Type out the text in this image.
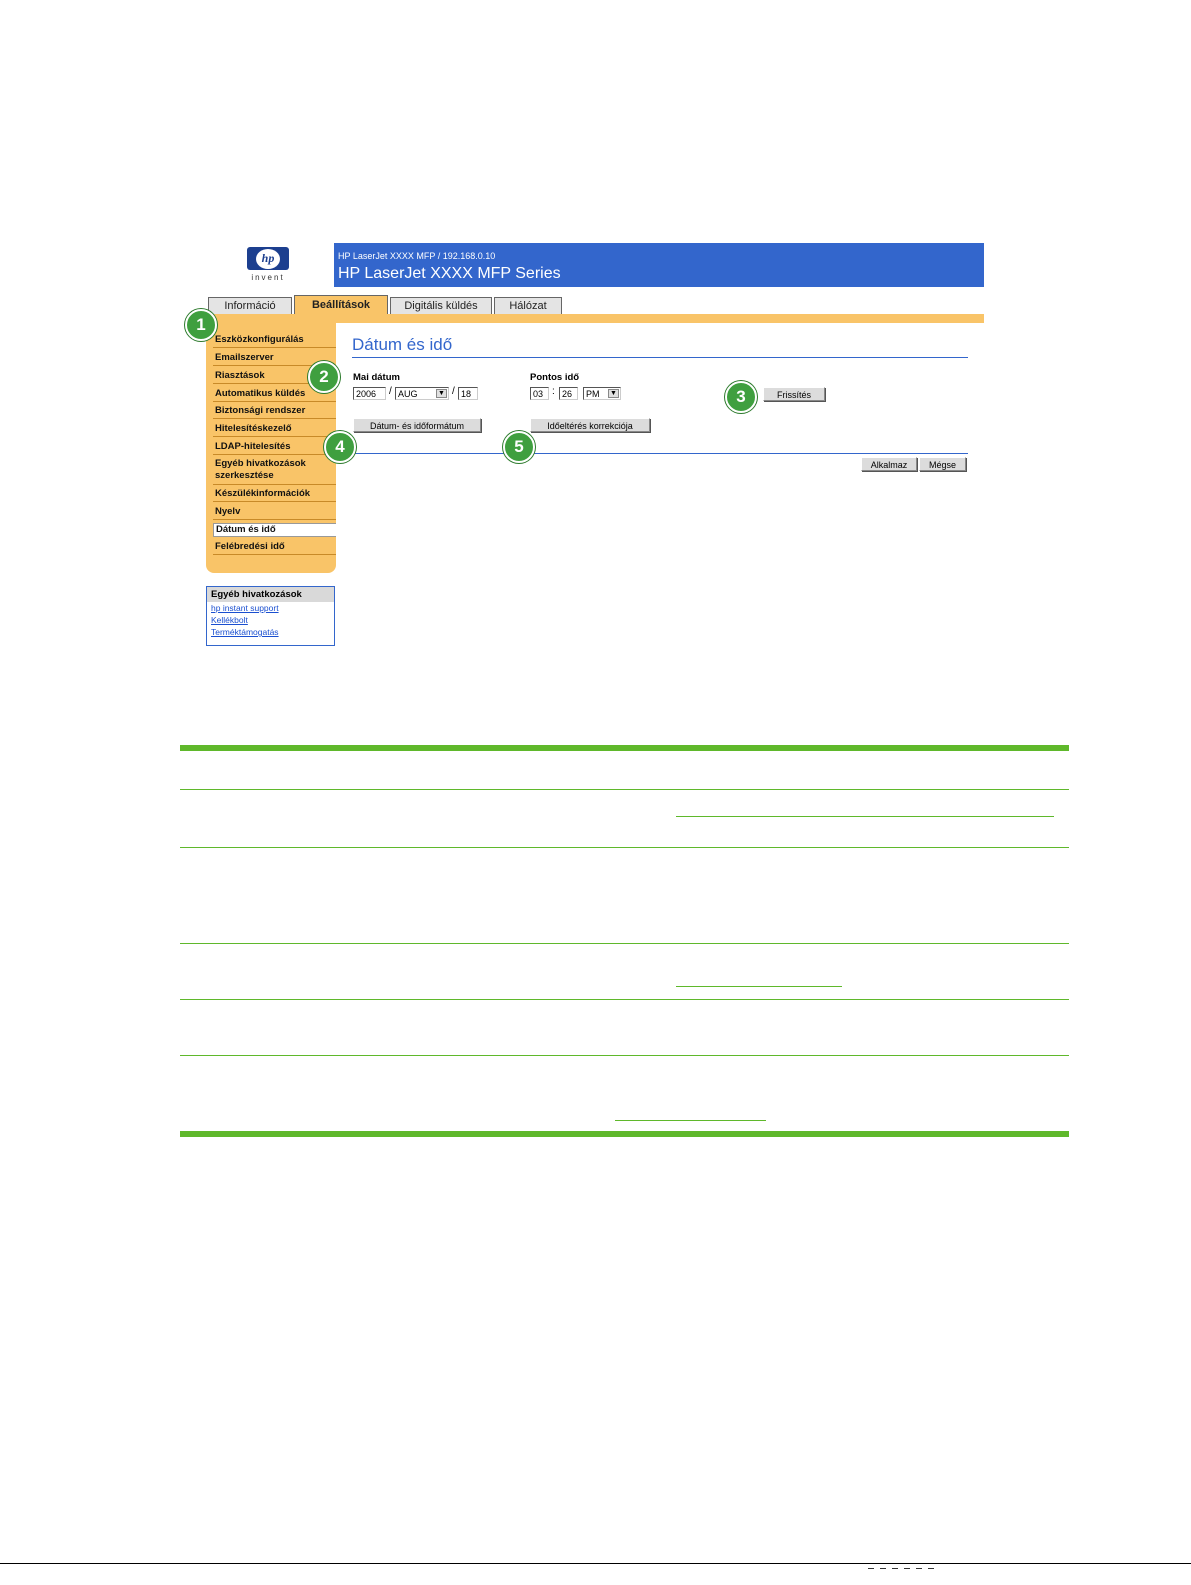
hp
invent
HP LaserJet XXXX MFP / 192.168.0.10
HP LaserJet XXXX MFP Series
Információ	Beállítások	Digitális küldés	Hálózat
Eszközkonfigurálás
Emailszerver
Riasztások
Automatikus küldés
Biztonsági rendszer
Hitelesítéskezelő
LDAP-hitelesítés
Egyéb hivatkozások szerkesztése
Készülékinformációk
Nyelv
Dátum és idő
Felébredési idő
Egyéb hivatkozások
hp instant support
Kellékbolt
Terméktámogatás
Dátum és idő
Mai dátum
2006	/ AUG	▼ / 18
Pontos idő
03 : 26	PM ▼	Frissítés
Dátum- és időformátum	Időeltérés korrekciója
Alkalmaz	Mégse
1
2
3
4	5
